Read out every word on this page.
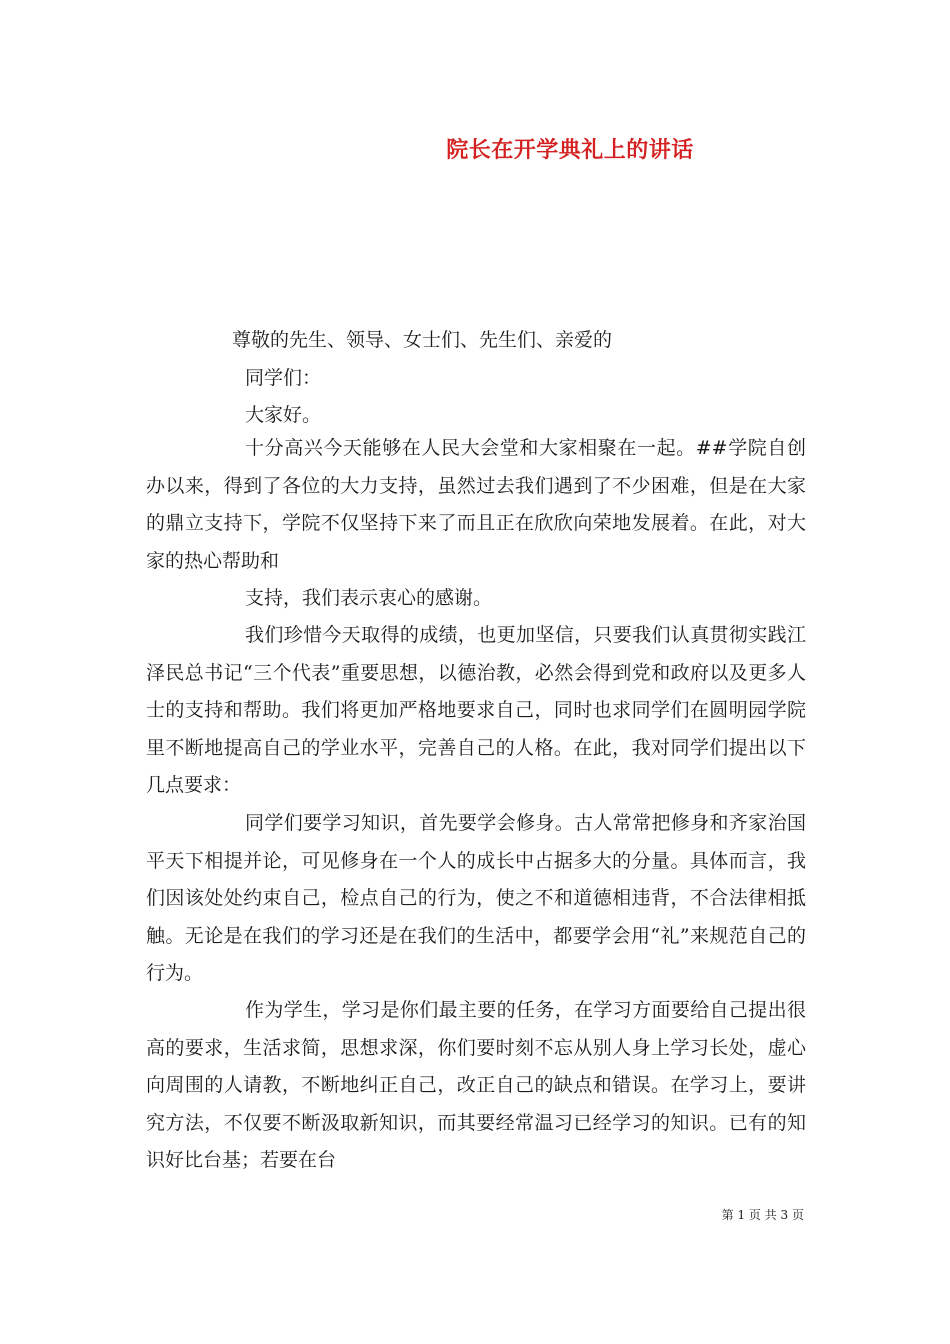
院长在开学典礼上的讲话
尊敬的先生、领导、女士们、先生们、亲爱的
同学们：
大家好。
十分高兴今天能够在人民大会堂和大家相聚在一起。##学院自创办以来，得到了各位的大力支持，虽然过去我们遇到了不少困难，但是在大家的鼎立支持下，学院不仅坚持下来了而且正在欣欣向荣地发展着。在此，对大家的热心帮助和
支持，我们表示衷心的感谢。
我们珍惜今天取得的成绩，也更加坚信，只要我们认真贯彻实践江泽民总书记“三个代表”重要思想，以德治教，必然会得到党和政府以及更多人士的支持和帮助。我们将更加严格地要求自己，同时也求同学们在圆明园学院里不断地提高自己的学业水平，完善自己的人格。在此，我对同学们提出以下几点要求：
同学们要学习知识，首先要学会修身。古人常常把修身和齐家治国平天下相提并论，可见修身在一个人的成长中占据多大的分量。具体而言，我们因该处处约束自己，检点自己的行为，使之不和道德相违背，不合法律相抵触。无论是在我们的学习还是在我们的生活中，都要学会用“礼”来规范自己的行为。
作为学生，学习是你们最主要的任务，在学习方面要给自己提出很高的要求，生活求简，思想求深，你们要时刻不忘从别人身上学习长处，虚心向周围的人请教，不断地纠正自己，改正自己的缺点和错误。在学习上，要讲究方法，不仅要不断汲取新知识，而其要经常温习已经学习的知识。已有的知识好比台基；若要在台
第 1 页 共 3 页
